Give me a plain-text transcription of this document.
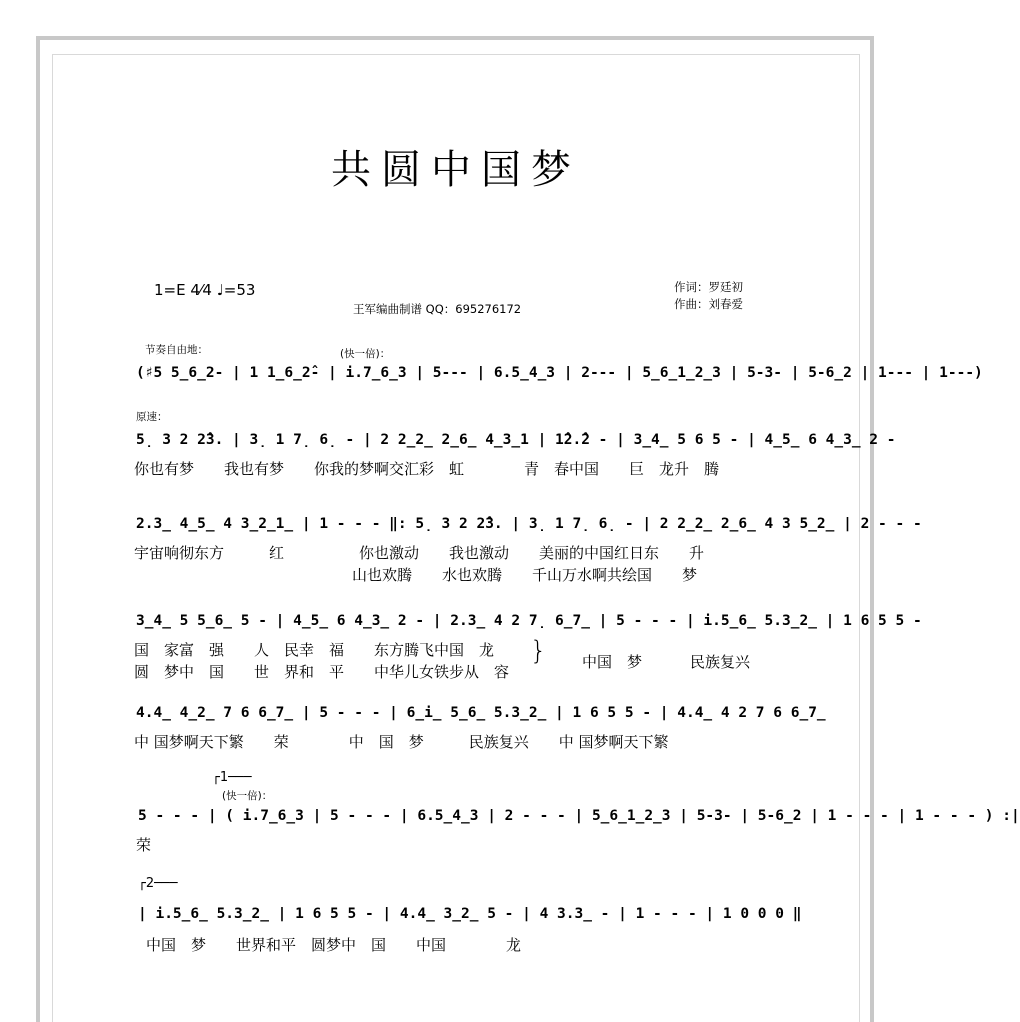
共圆中国梦
1=E 4⁄4 ♩=53	作词：罗廷初
作曲：刘春爱
王军编曲制谱 QQ：695276172
节奏自由地：	(快一倍)：
(♯5 5̲6̲2- | 1 1̲6̲2̂- | i.7̲6̲3 | 5--- | 6.5̲4̲3 | 2--- | 5̲6̲1̲2̲3 | 5-3- | 5-6̲2 | 1--- | 1---)
原速：
5̣ 3 2 2̂3. | 3̣ 1 7̣ 6̣ - | 2 2̲2̲ 2̲6̲ 4̲3̲1 | 1̂2.̂2 - | 3̲4̲ 5 6 5 - | 4̲5̲ 6 4̲3̲ 2 -
你也有梦　　我也有梦　　你我的梦啊交汇彩　虹　　　　青　春中国　　巨　龙升　腾
2.3̲ 4̲5̲ 4 3̲2̲1̲ | 1 - - - ‖: 5̣ 3 2 2̂3. | 3̣ 1 7̣ 6̣ - | 2 2̲2̲ 2̲6̲ 4 3 5̲2̲ | 2 - - -
宇宙响彻东方　　　红　　　　　你也激动　　我也激动　　美丽的中国红日东　　升
山也欢腾　　水也欢腾　　千山万水啊共绘国　　梦
3̲4̲ 5 5̲6̲ 5 - | 4̲5̲ 6 4̲3̲ 2 - | 2.3̲ 4 2 7̣ 6̲7̲ | 5 - - - | i.5̲6̲ 5.3̲2̲ | 1 6 5 5 -
国　家富　强　　人　民幸　福　　东方腾飞中国　龙
圆　梦中　国　　世　界和　平　　中华儿女铁步从　容
} 中国　梦	民族复兴
4.4̲ 4̲2̲ 7 6 6̲7̲ | 5 - - - | 6̲i̲ 5̲6̲ 5.3̲2̲ | 1 6 5 5 - | 4.4̲ 4 2 7 6 6̲7̲
中 国梦啊天下繁　　荣　　　　中　国　梦　　　民族复兴　　中 国梦啊天下繁
┌1───
(快一倍)：
5 - - - | ( i.7̲6̲3 | 5 - - - | 6.5̲4̲3 | 2 - - - | 5̲6̲1̲2̲3 | 5-3- | 5-6̲2 | 1 - - - | 1 - - - ) :|
荣
┌2───
| i.5̲6̲ 5.3̲2̲ | 1 6 5 5 - | 4.4̲ 3̲2̲ 5 - | 4 3.3̲ - | 1 - - - | 1 0 0 0 ‖
中国　梦　　世界和平　圆梦中　国　　中国　　　　龙
